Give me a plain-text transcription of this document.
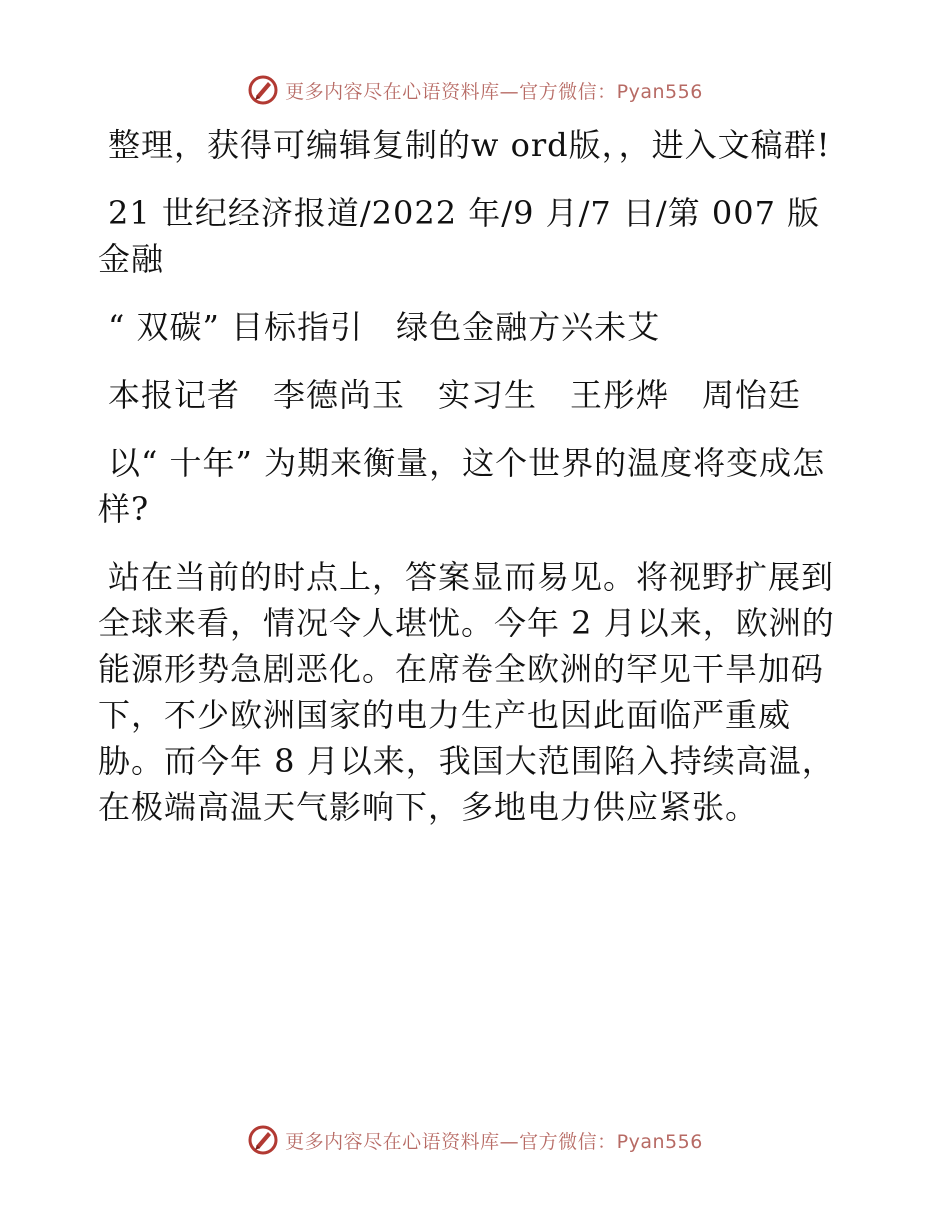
更多内容尽在心语资料库—官方微信：Pyan556

整理，获得可编辑复制的w ord版，，进入文稿群!

21 世纪经济报道/2022 年/9 月/7 日/第 007 版 金融

“ 双碳” 目标指引　绿色金融方兴未艾

本报记者　李德尚玉　实习生　王彤烨　周怡廷

以“ 十年” 为期来衡量，这个世界的温度将变成怎样?

站在当前的时点上，答案显而易见。将视野扩展到全球来看，情况令人堪忧。今年 2 月以来，欧洲的能源形势急剧恶化。在席卷全欧洲的罕见干旱加码下，不少欧洲国家的电力生产也因此面临严重威胁。而今年 8 月以来，我国大范围陷入持续高温，在极端高温天气影响下，多地电力供应紧张。

更多内容尽在心语资料库—官方微信：Pyan556
